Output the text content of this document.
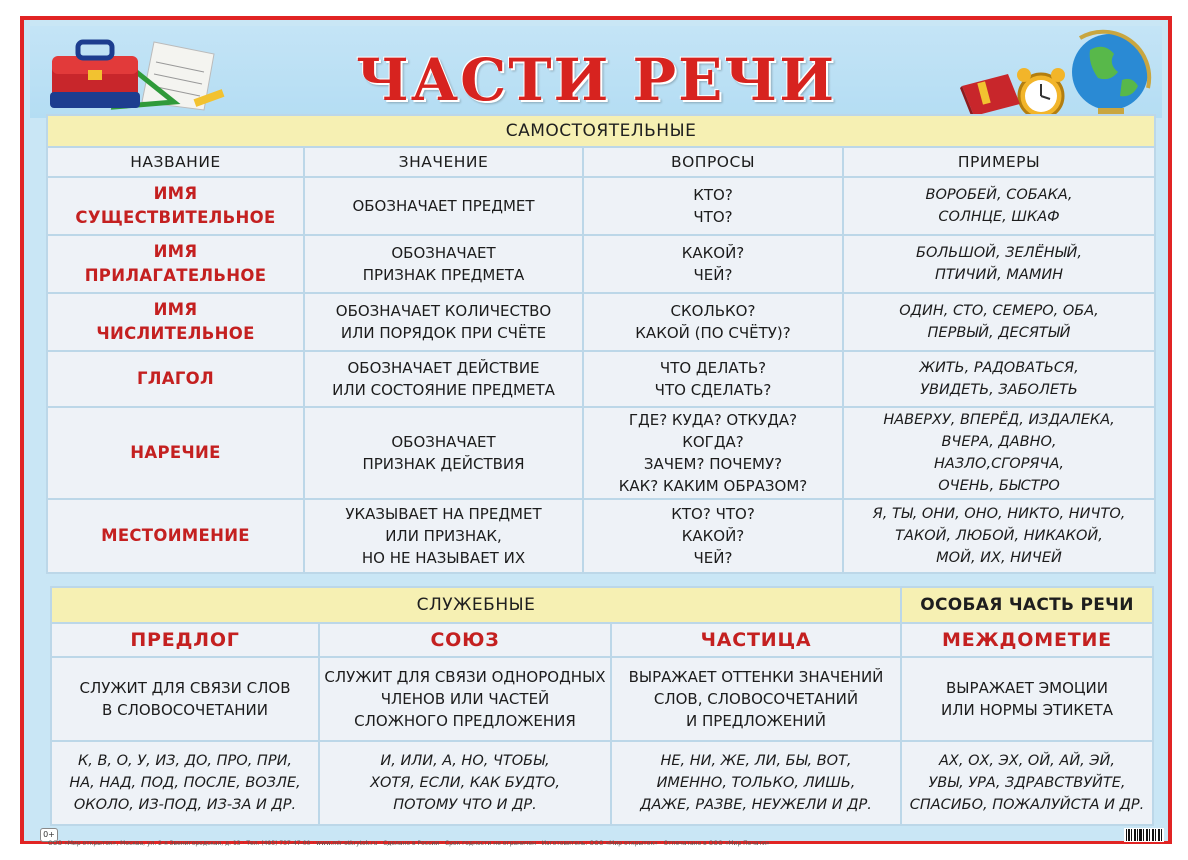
ЧАСТИ РЕЧИ
САМОСТОЯТЕЛЬНЫЕ			
НАЗВАНИЕ	ЗНАЧЕНИЕ	ВОПРОСЫ	ПРИМЕРЫ

ИМЯ
СУЩЕСТВИТЕЛЬНОЕ	ОБОЗНАЧАЕТ ПРЕДМЕТ	КТО?
ЧТО?	ВОРОБЕЙ, СОБАКА,
СОЛНЦЕ, ШКАФ

ИМЯ
ПРИЛАГАТЕЛЬНОЕ	ОБОЗНАЧАЕТ
ПРИЗНАК ПРЕДМЕТА	КАКОЙ?
ЧЕЙ?	БОЛЬШОЙ, ЗЕЛЁНЫЙ,
ПТИЧИЙ, МАМИН

ИМЯ
ЧИСЛИТЕЛЬНОЕ	ОБОЗНАЧАЕТ КОЛИЧЕСТВО
ИЛИ ПОРЯДОК ПРИ СЧЁТЕ	СКОЛЬКО?
КАКОЙ (ПО СЧЁТУ)?	ОДИН, СТО, СЕМЕРО, ОБА,
ПЕРВЫЙ, ДЕСЯТЫЙ

ГЛАГОЛ	ОБОЗНАЧАЕТ ДЕЙСТВИЕ
ИЛИ СОСТОЯНИЕ ПРЕДМЕТА	ЧТО ДЕЛАТЬ?
ЧТО СДЕЛАТЬ?	ЖИТЬ, РАДОВАТЬСЯ,
УВИДЕТЬ, ЗАБОЛЕТЬ

НАРЕЧИЕ	ОБОЗНАЧАЕТ
ПРИЗНАК ДЕЙСТВИЯ	ГДЕ? КУДА? ОТКУДА?
КОГДА?
ЗАЧЕМ? ПОЧЕМУ?
КАК? КАКИМ ОБРАЗОМ?	НАВЕРХУ, ВПЕРЁД, ИЗДАЛЕКА,
ВЧЕРА, ДАВНО,
НАЗЛО,СГОРЯЧА,
ОЧЕНЬ, БЫСТРО

МЕСТОИМЕНИЕ	УКАЗЫВАЕТ НА ПРЕДМЕТ
ИЛИ ПРИЗНАК,
НО НЕ НАЗЫВАЕТ ИХ	КТО? ЧТО?
КАКОЙ?
ЧЕЙ?	Я, ТЫ, ОНИ, ОНО, НИКТО, НИЧТО,
ТАКОЙ, ЛЮБОЙ, НИКАКОЙ,
МОЙ, ИХ, НИЧЕЙ
СЛУЖЕБНЫЕ			ОСОБАЯ ЧАСТЬ РЕЧИ
ПРЕДЛОГ	СОЮЗ	ЧАСТИЦА	МЕЖДОМЕТИЕ

СЛУЖИТ ДЛЯ СВЯЗИ СЛОВ
В СЛОВОСОЧЕТАНИИ	СЛУЖИТ ДЛЯ СВЯЗИ ОДНОРОДНЫХ
ЧЛЕНОВ ИЛИ ЧАСТЕЙ
СЛОЖНОГО ПРЕДЛОЖЕНИЯ	ВЫРАЖАЕТ ОТТЕНКИ ЗНАЧЕНИЙ
СЛОВ, СЛОВОСОЧЕТАНИЙ
И ПРЕДЛОЖЕНИЙ	ВЫРАЖАЕТ ЭМОЦИИ
ИЛИ НОРМЫ ЭТИКЕТА

К, В, О, У, ИЗ, ДО, ПРО, ПРИ,
НА, НАД, ПОД, ПОСЛЕ, ВОЗЛЕ,
ОКОЛО, ИЗ-ПОД, ИЗ-ЗА И ДР.	И, ИЛИ, А, НО, ЧТОБЫ,
ХОТЯ, ЕСЛИ, КАК БУДТО,
ПОТОМУ ЧТО И ДР.	НЕ, НИ, ЖЕ, ЛИ, БЫ, ВОТ,
ИМЕННО, ТОЛЬКО, ЛИШЬ,
ДАЖЕ, РАЗВЕ, НЕУЖЕЛИ И ДР.	АХ, ОХ, ЭХ, ОЙ, АЙ, ЭЙ,
УВЫ, УРА, ЗДРАВСТВУЙТЕ,
СПАСИБО, ПОЖАЛУЙСТА И ДР.
0+
ООО «Мир открыток», Москва, ул. 2-я Звенигородская, д. 13 · Тел. (495) 737-47-00 · www.mir-otkrytok.ru · Сделано в России · Срок годности не ограничен · Изготовитель: ООО «Мир открыток» · Отпечатано в ООО «Мир Печати»
